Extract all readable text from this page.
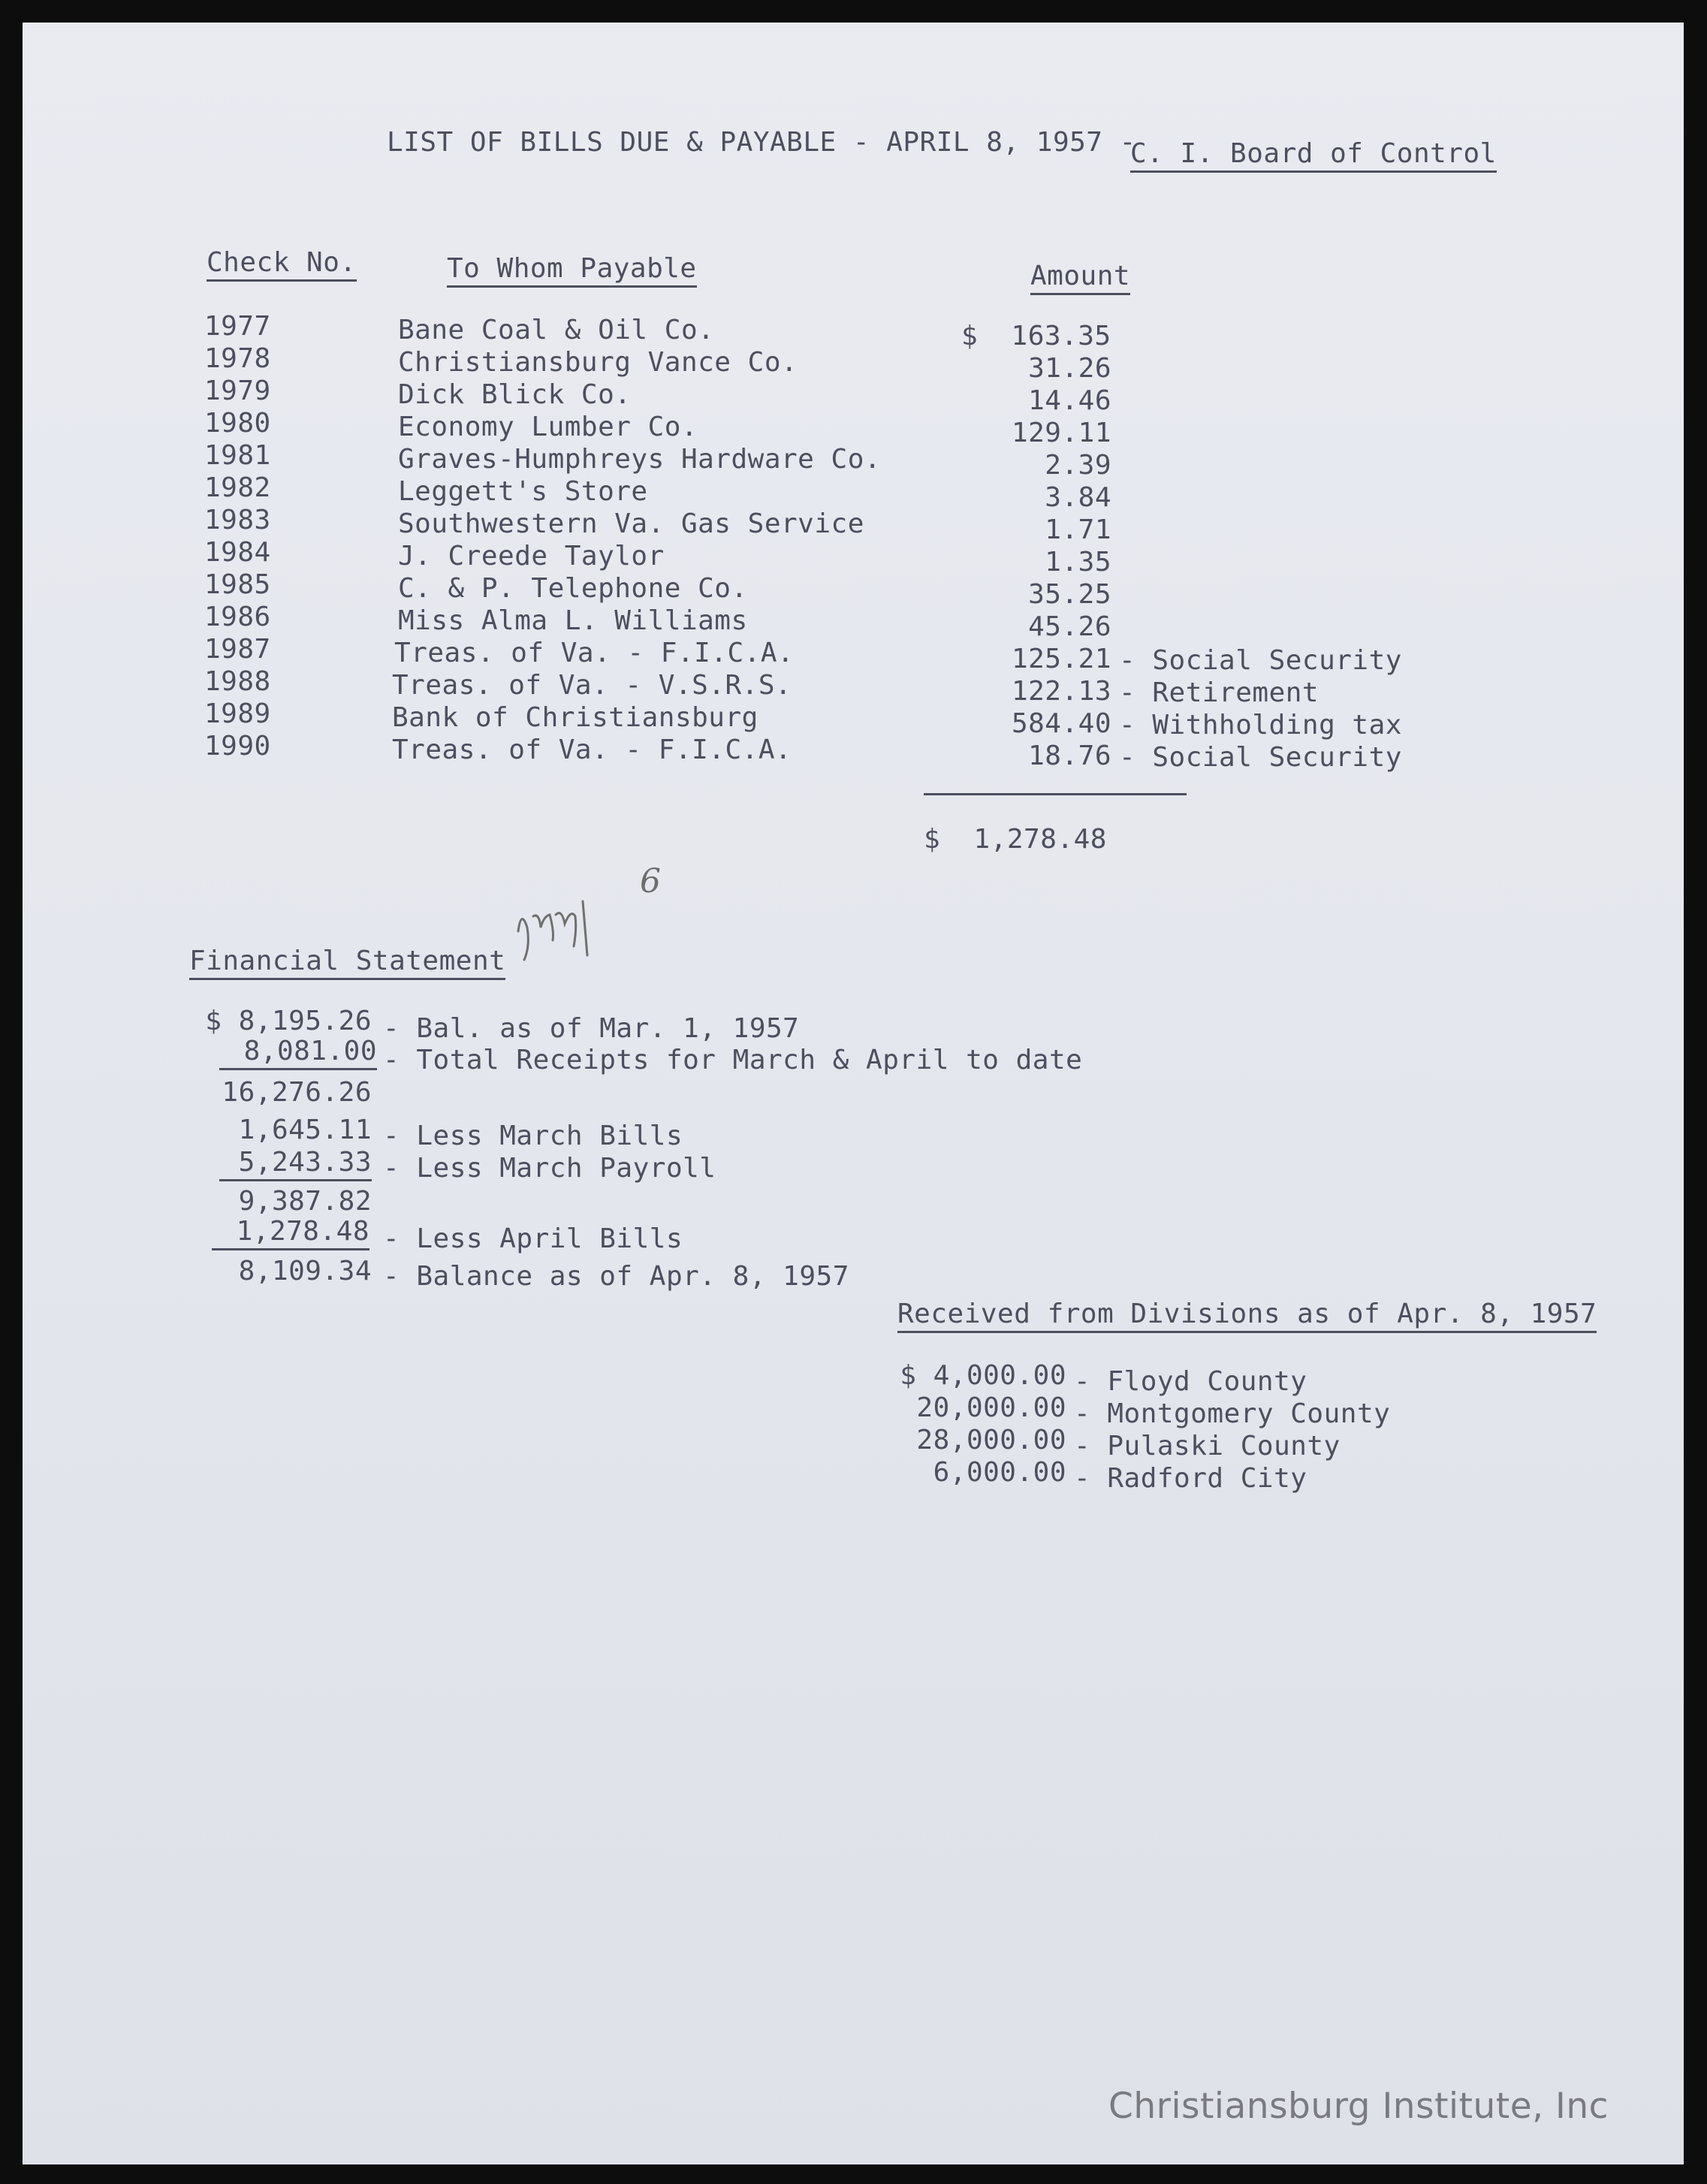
LIST OF BILLS DUE & PAYABLE - APRIL 8, 1957 -
C. I. Board of Control
Check No.	To Whom Payable	Amount
1977	Bane Coal & Oil Co.	$  163.35
1978	Christiansburg Vance Co.	31.26
1979	Dick Blick Co.	14.46
1980	Economy Lumber Co.	129.11
1981	Graves-Humphreys Hardware Co.	2.39
1982	Leggett's Store	3.84
1983	Southwestern Va. Gas Service	1.71
1984	J. Creede Taylor	1.35
1985	C. & P. Telephone Co.	35.25
1986	Miss Alma L. Williams	45.26
1987	Treas. of Va. - F.I.C.A.	125.21 - Social Security
1988	Treas. of Va. - V.S.R.S.	122.13 - Retirement
1989	Bank of Christiansburg	584.40 - Withholding tax
1990	Treas. of Va. - F.I.C.A.	18.76 - Social Security
$  1,278.48
6
Financial Statement
$ 8,195.26 - Bal. as of Mar. 1, 1957
8,081.00 - Total Receipts for March & April to date
16,276.26
1,645.11 - Less March Bills
5,243.33 - Less March Payroll
9,387.82
1,278.48 - Less April Bills
8,109.34 - Balance as of Apr. 8, 1957
Received from Divisions as of Apr. 8, 1957
$ 4,000.00 - Floyd County
20,000.00 - Montgomery County
28,000.00 - Pulaski County
6,000.00 - Radford City
Christiansburg Institute, Inc
